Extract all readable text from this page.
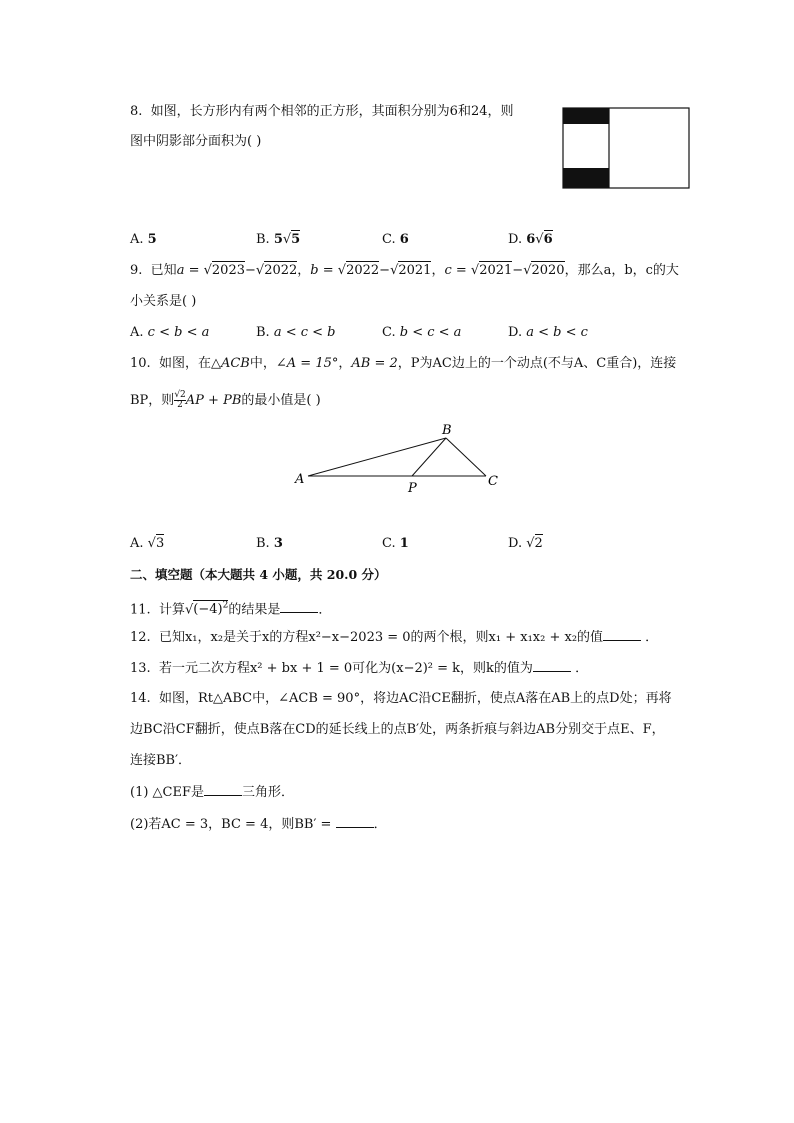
8. 如图，长方形内有两个相邻的正方形，其面积分别为6和24，则
图中阴影部分面积为( )
A. 5	B. 5√5	C. 6	D. 6√6
9. 已知a = √2023−√2022，b = √2022−√2021，c = √2021−√2020，那么a，b，c的大
小关系是( )
A. c < b < a	B. a < c < b	C. b < c < a	D. a < b < c
10. 如图，在△ACB中，∠A = 15°，AB = 2，P为AC边上的一个动点(不与A、C重合)，连接
BP，则 $\frac{√2}{2}$ AP + PB的最小值是( )
A
B
P	C
A. √3	B. 3	C. 1	D. √2
二、填空题（本大题共 4 小题，共 20.0 分）
11. 计算$√(-4)^2$的结果是	．
12. 已知x₁，x₂是关于x的方程x²−x−2023 = 0的两个根，则x₁ + x₁x₂ + x₂的值	．
13. 若一元二次方程x² + bx + 1 = 0可化为(x−2)² = k，则k的值为	．
14. 如图，Rt△ABC中，∠ACB = 90°，将边AC沿CE翻折，使点A落在AB上的点D处；再将
边BC沿CF翻折，使点B落在CD的延长线上的点B′处，两条折痕与斜边AB分别交于点E、F，
连接BB′．
(1) △CEF是	三角形．
(2)若AC = 3，BC = 4，则BB′ =	．
